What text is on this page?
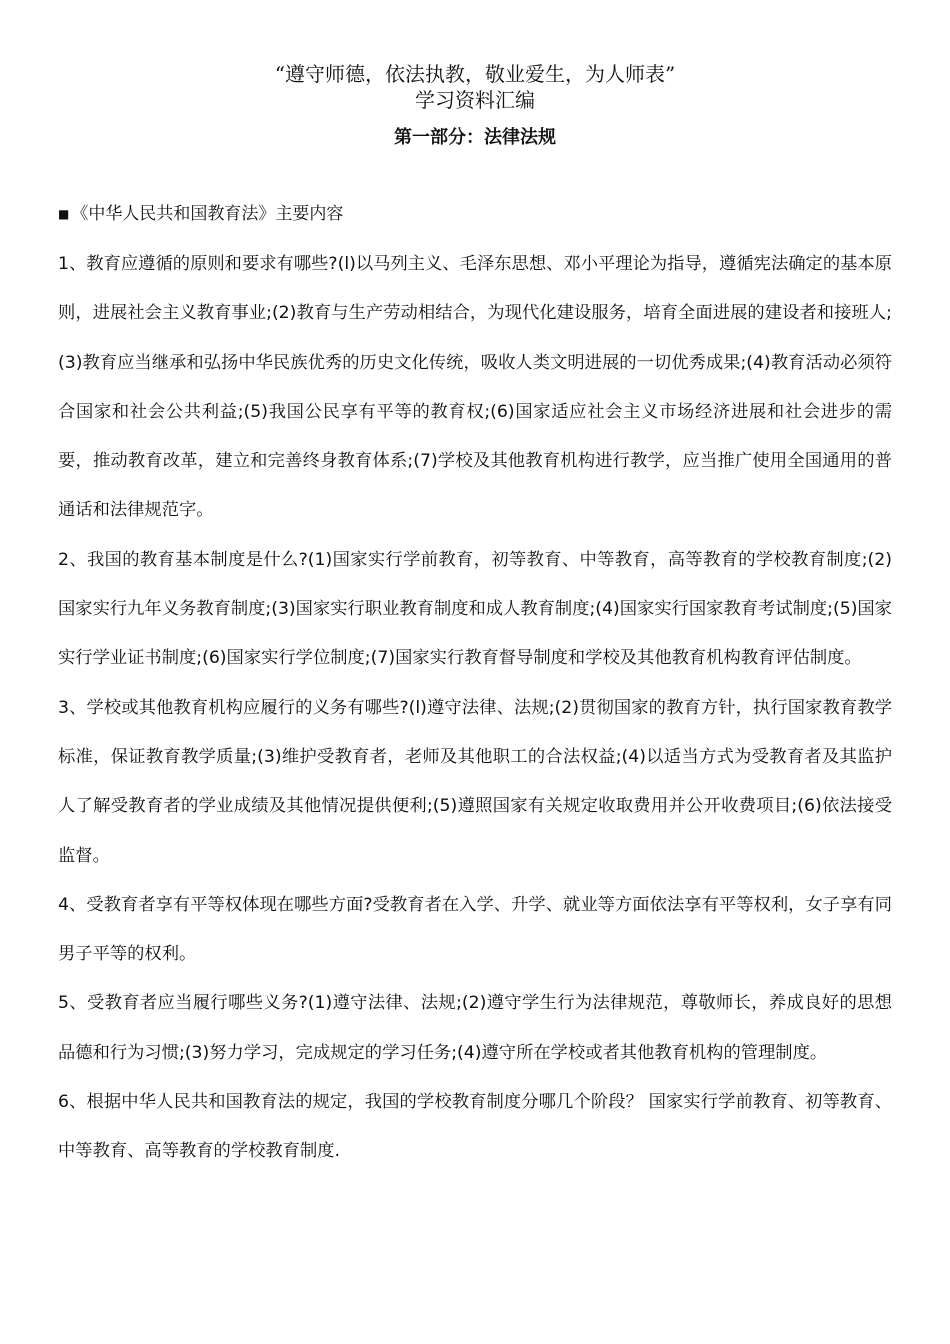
“遵守师德，依法执教，敬业爱生，为人师表”
学习资料汇编
第一部分：法律法规
■ 《中华人民共和国教育法》主要内容

1、教育应遵循的原则和要求有哪些?(l)以马列主义、毛泽东思想、邓小平理论为指导，遵循宪法确定的基本原则，进展社会主义教育事业;(2)教育与生产劳动相结合，为现代化建设服务，培育全面进展的建设者和接班人;(3)教育应当继承和弘扬中华民族优秀的历史文化传统，吸收人类文明进展的一切优秀成果;(4)教育活动必须符合国家和社会公共利益;(5)我国公民享有平等的教育权;(6)国家适应社会主义市场经济进展和社会进步的需要，推动教育改革，建立和完善终身教育体系;(7)学校及其他教育机构进行教学，应当推广使用全国通用的普通话和法律规范字。

2、我国的教育基本制度是什么?(1)国家实行学前教育，初等教育、中等教育，高等教育的学校教育制度;(2)国家实行九年义务教育制度;(3)国家实行职业教育制度和成人教育制度;(4)国家实行国家教育考试制度;(5)国家实行学业证书制度;(6)国家实行学位制度;(7)国家实行教育督导制度和学校及其他教育机构教育评估制度。

3、学校或其他教育机构应履行的义务有哪些?(l)遵守法律、法规;(2)贯彻国家的教育方针，执行国家教育教学标准，保证教育教学质量;(3)维护受教育者，老师及其他职工的合法权益;(4)以适当方式为受教育者及其监护人了解受教育者的学业成绩及其他情况提供便利;(5)遵照国家有关规定收取费用并公开收费项目;(6)依法接受监督。

4、受教育者享有平等权体现在哪些方面?受教育者在入学、升学、就业等方面依法享有平等权利，女子享有同男子平等的权利。

5、受教育者应当履行哪些义务?(1)遵守法律、法规;(2)遵守学生行为法律规范，尊敬师长，养成良好的思想品德和行为习惯;(3)努力学习，完成规定的学习任务;(4)遵守所在学校或者其他教育机构的管理制度。

6、根据中华人民共和国教育法的规定，我国的学校教育制度分哪几个阶段？ 国家实行学前教育、初等教育、中等教育、高等教育的学校教育制度.
